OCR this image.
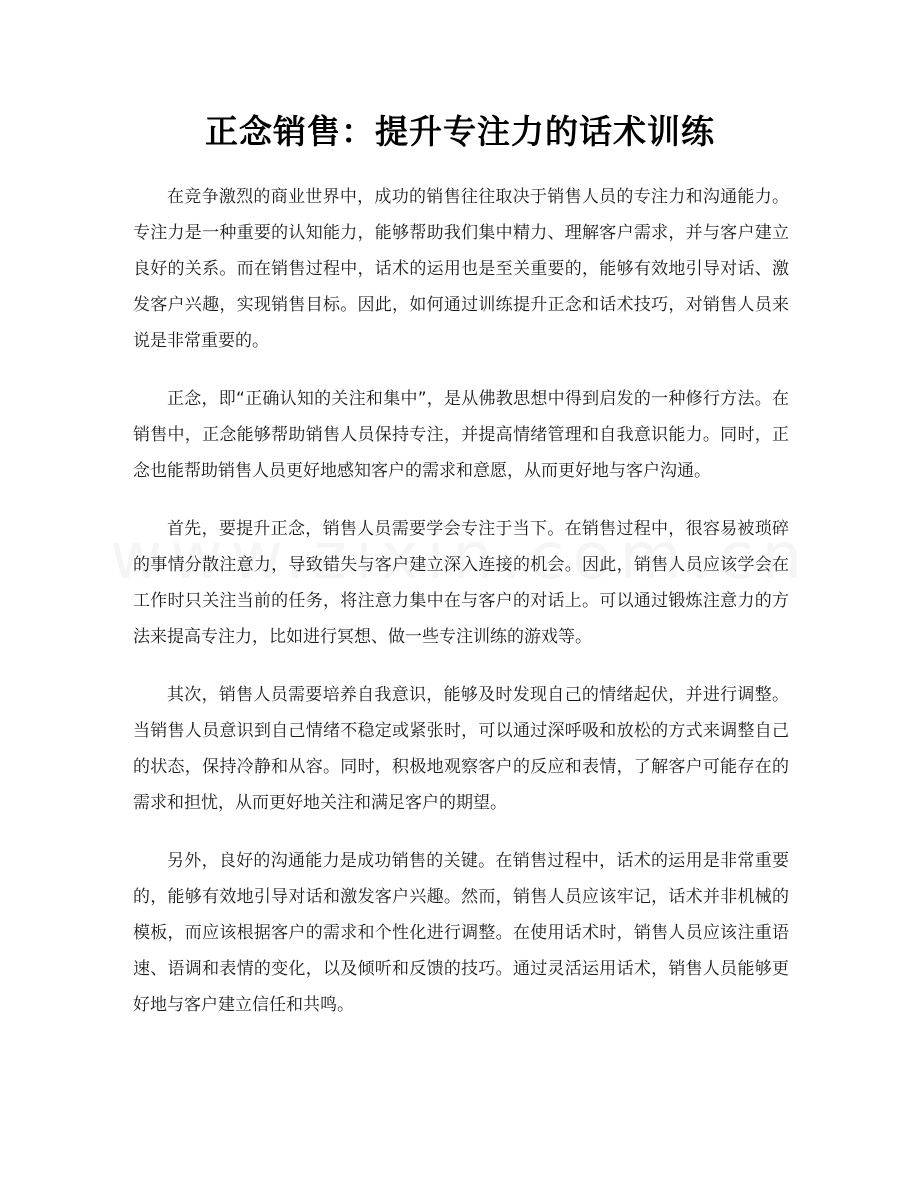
正念销售：提升专注力的话术训练

在竞争激烈的商业世界中，成功的销售往往取决于销售人员的专注力和沟通能力。专注力是一种重要的认知能力，能够帮助我们集中精力、理解客户需求，并与客户建立良好的关系。而在销售过程中，话术的运用也是至关重要的，能够有效地引导对话、激发客户兴趣，实现销售目标。因此，如何通过训练提升正念和话术技巧，对销售人员来说是非常重要的。

正念，即“正确认知的关注和集中”，是从佛教思想中得到启发的一种修行方法。在销售中，正念能够帮助销售人员保持专注，并提高情绪管理和自我意识能力。同时，正念也能帮助销售人员更好地感知客户的需求和意愿，从而更好地与客户沟通。

首先，要提升正念，销售人员需要学会专注于当下。在销售过程中，很容易被琐碎的事情分散注意力，导致错失与客户建立深入连接的机会。因此，销售人员应该学会在工作时只关注当前的任务，将注意力集中在与客户的对话上。可以通过锻炼注意力的方法来提高专注力，比如进行冥想、做一些专注训练的游戏等。

其次，销售人员需要培养自我意识，能够及时发现自己的情绪起伏，并进行调整。当销售人员意识到自己情绪不稳定或紧张时，可以通过深呼吸和放松的方式来调整自己的状态，保持冷静和从容。同时，积极地观察客户的反应和表情，了解客户可能存在的需求和担忧，从而更好地关注和满足客户的期望。

另外，良好的沟通能力是成功销售的关键。在销售过程中，话术的运用是非常重要的，能够有效地引导对话和激发客户兴趣。然而，销售人员应该牢记，话术并非机械的模板，而应该根据客户的需求和个性化进行调整。在使用话术时，销售人员应该注重语速、语调和表情的变化，以及倾听和反馈的技巧。通过灵活运用话术，销售人员能够更好地与客户建立信任和共鸣。
